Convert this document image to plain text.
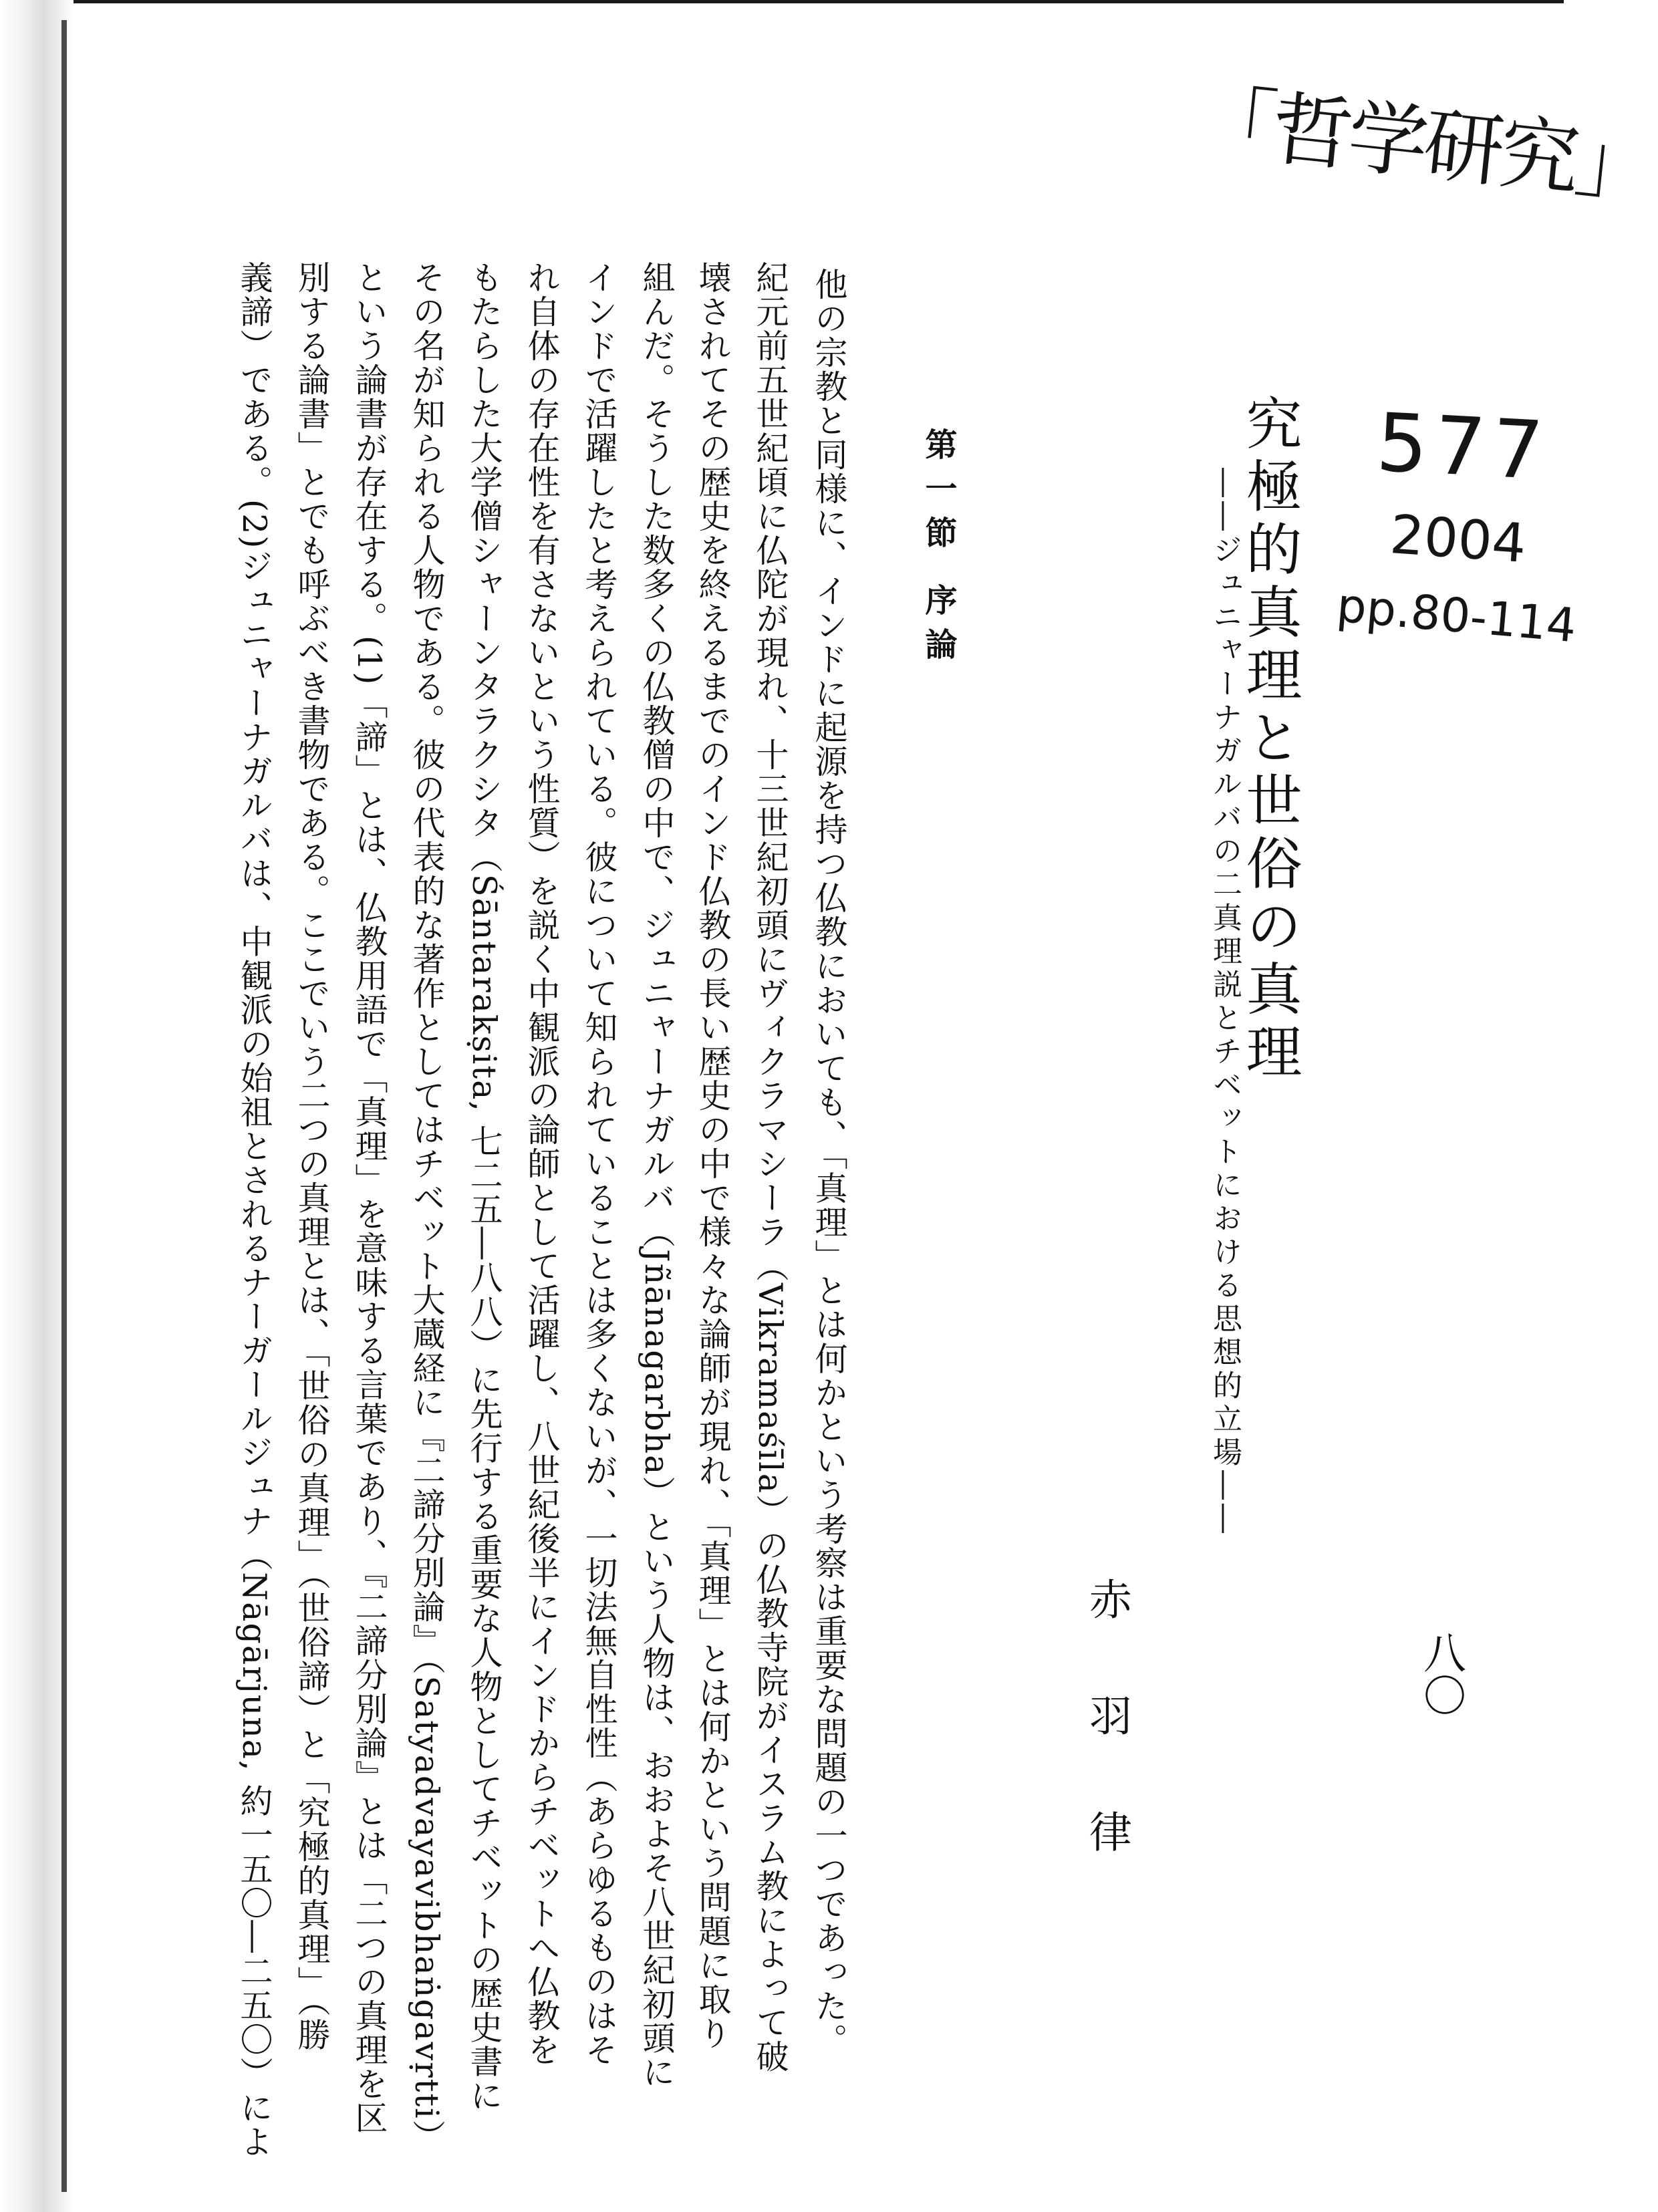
「哲学研究」
577
2004
pp.80-114
八〇
究極的真理と世俗の真理
――ジュニャーナガルバの二真理説とチベットにおける思想的立場――
赤羽律
第一節 序論
他の宗教と同様に、インドに起源を持つ仏教においても、「真理」とは何かという考察は重要な問題の一つであった。
紀元前五世紀頃に仏陀が現れ、十三世紀初頭にヴィクラマシーラ（Vikramaśīla）の仏教寺院がイスラム教によって破
壊されてその歴史を終えるまでのインド仏教の長い歴史の中で様々な論師が現れ、「真理」とは何かという問題に取り
組んだ。そうした数多くの仏教僧の中で、ジュニャーナガルバ（Jñānagarbha）という人物は、おおよそ八世紀初頭に
インドで活躍したと考えられている。彼について知られていることは多くないが、一切法無自性性（あらゆるものはそ
れ自体の存在性を有さないという性質）を説く中観派の論師として活躍し、八世紀後半にインドからチベットへ仏教を
もたらした大学僧シャーンタラクシタ（Śāntarakṣita, 七二五―八八）に先行する重要な人物としてチベットの歴史書に
その名が知られる人物である。彼の代表的な著作としてはチベット大蔵経に『二諦分別論』（Satyadvayavibhaṅgavṛtti）
という論書が存在する。(1)「諦」とは、仏教用語で「真理」を意味する言葉であり、『二諦分別論』とは「二つの真理を区
別する論書」とでも呼ぶべき書物である。ここでいう二つの真理とは、「世俗の真理」（世俗諦）と「究極的真理」（勝
義諦）である。(2)ジュニャーナガルバは、中観派の始祖とされるナーガールジュナ（Nāgārjuna, 約一五〇―二五〇）によ
